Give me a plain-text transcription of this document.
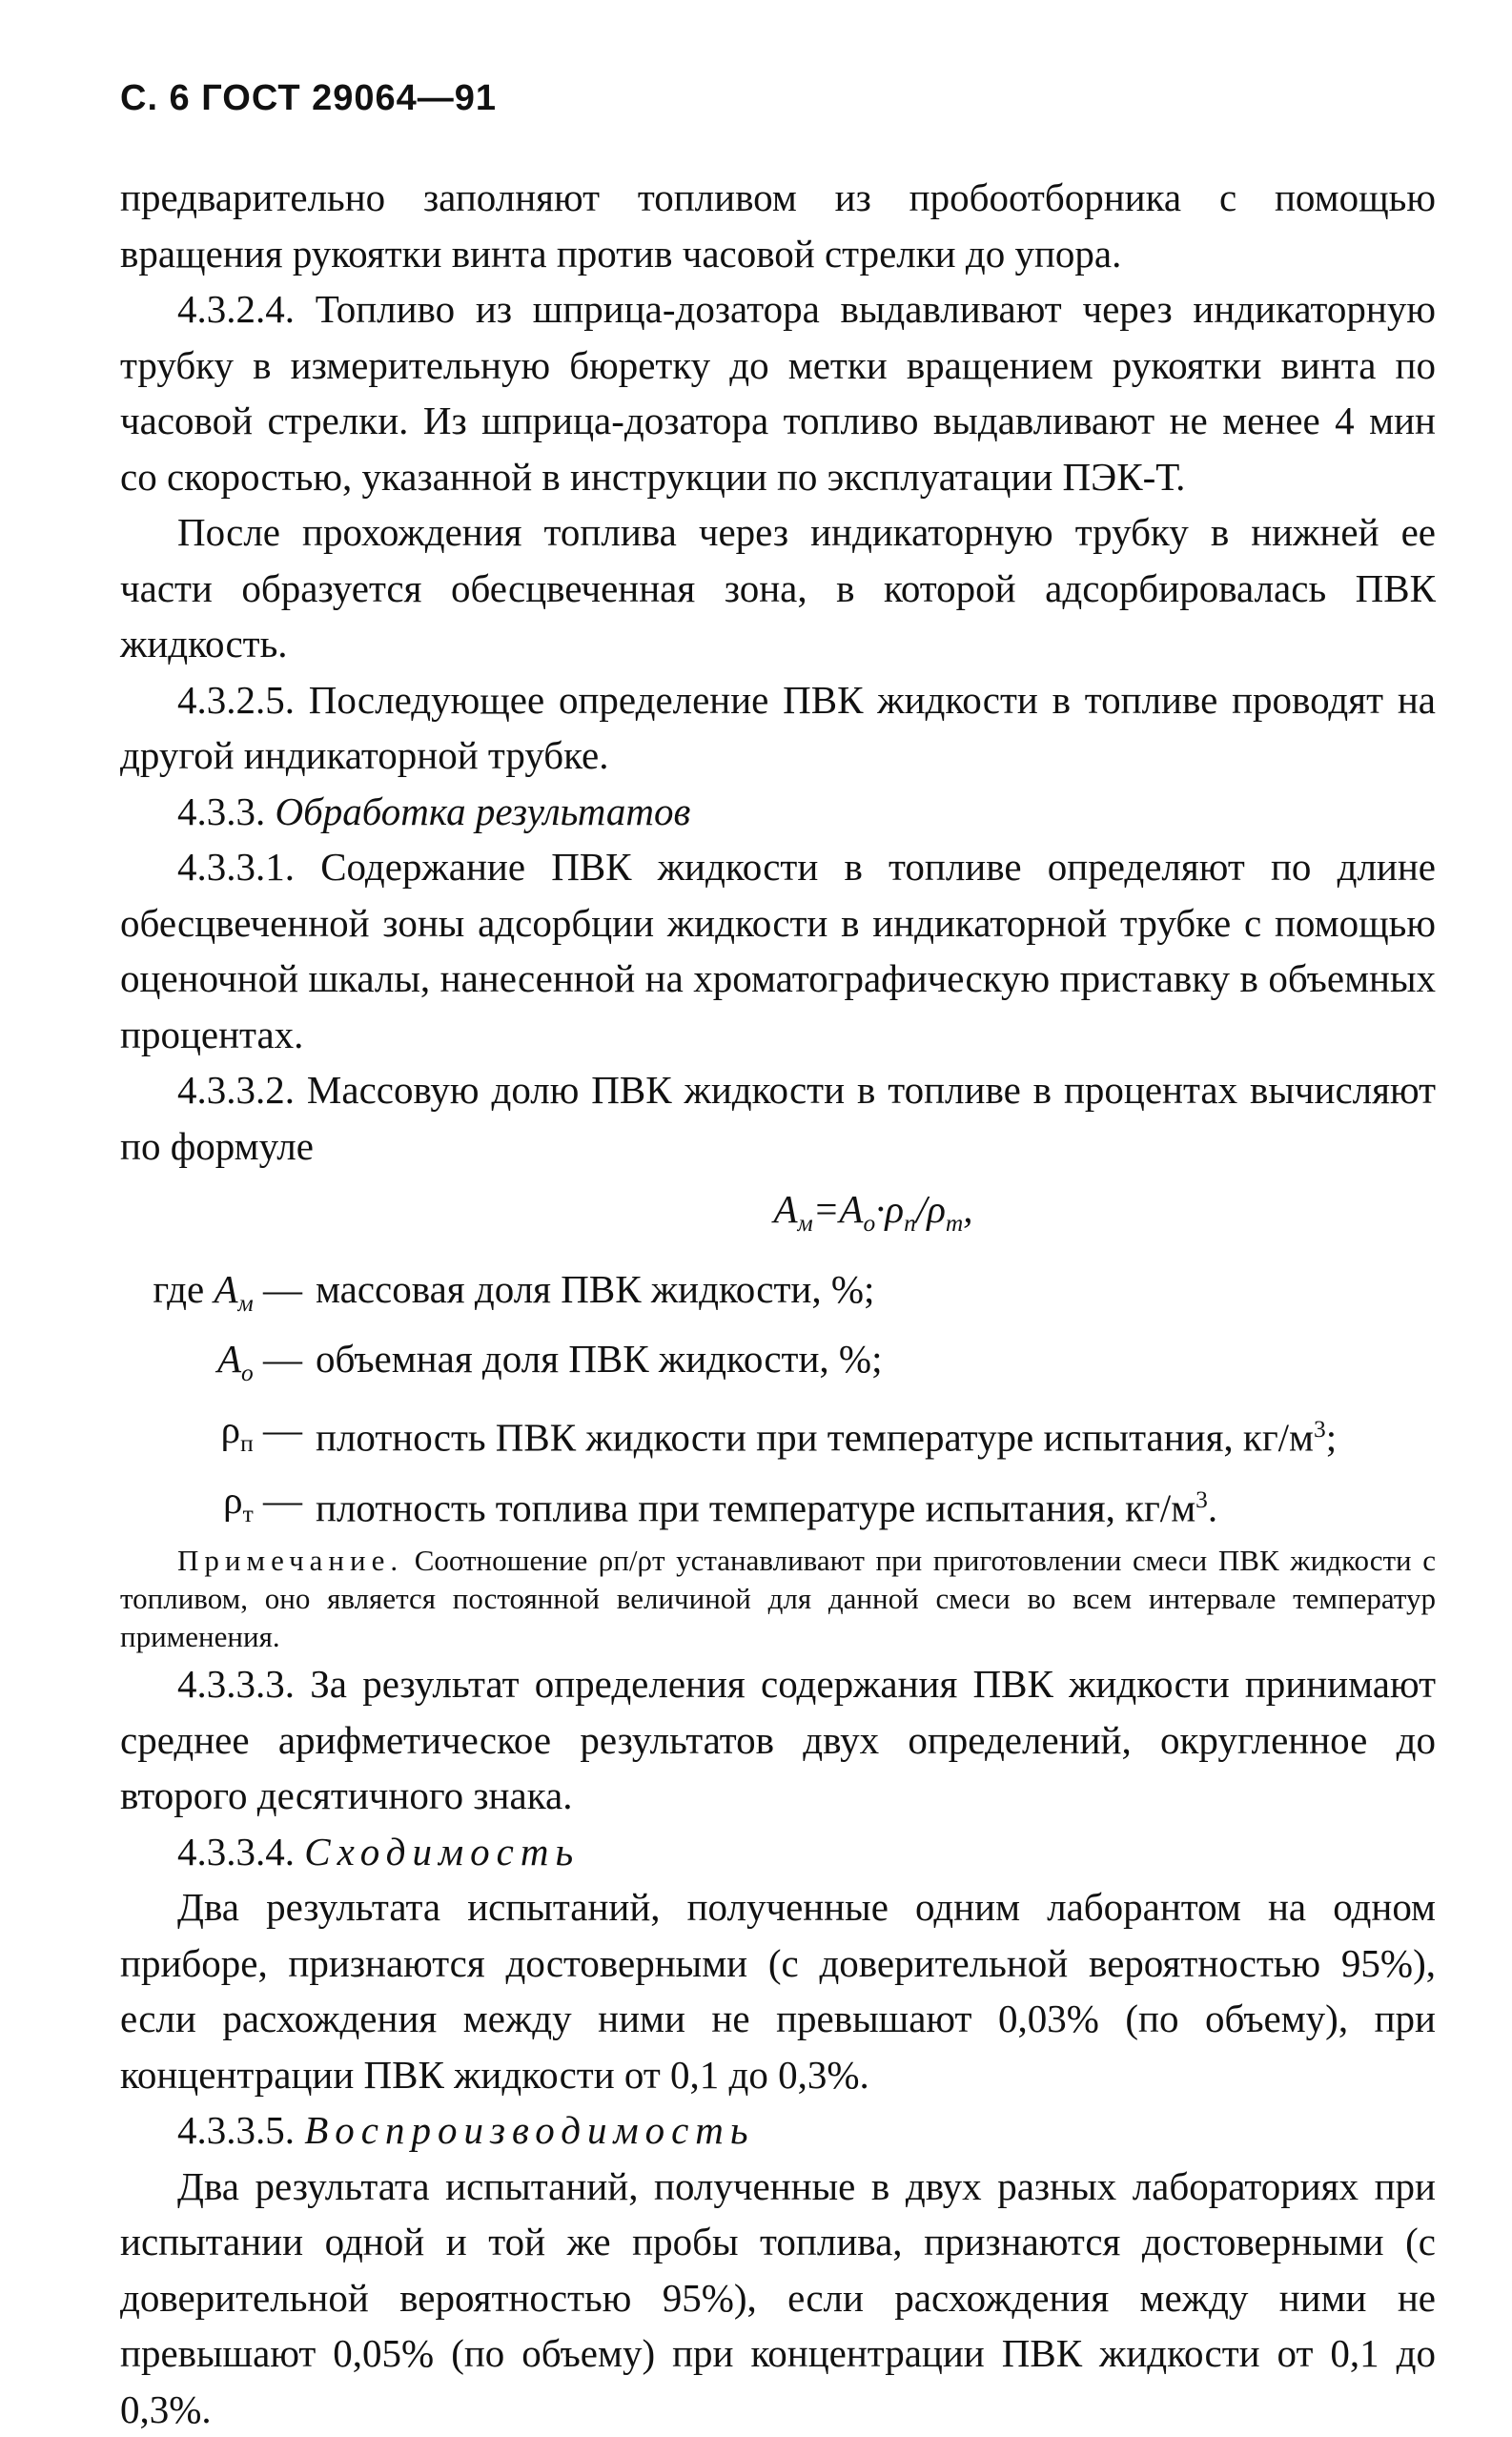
С. 6 ГОСТ 29064—91

предварительно заполняют топливом из пробоотборника с помощью вращения рукоятки винта против часовой стрелки до упора.

4.3.2.4. Топливо из шприца-дозатора выдавливают через индикаторную трубку в измерительную бюретку до метки вращением рукоятки винта по часовой стрелки. Из шприца-дозатора топливо выдавливают не менее 4 мин со скоростью, указанной в инструкции по эксплуатации ПЭК-Т.

После прохождения топлива через индикаторную трубку в нижней ее части образуется обесцвеченная зона, в которой адсорбировалась ПВК жидкость.

4.3.2.5. Последующее определение ПВК жидкости в топливе проводят на другой индикаторной трубке.

4.3.3. Обработка результатов

4.3.3.1. Содержание ПВК жидкости в топливе определяют по длине обесцвеченной зоны адсорбции жидкости в индикаторной трубке с помощью оценочной шкалы, нанесенной на хроматографическую приставку в объемных процентах.

4.3.3.2. Массовую долю ПВК жидкости в топливе в процентах вычисляют по формуле

$A_м=A_о\cdot\rho_п/\rho_т$,
где $A_м$ — массовая доля ПВК жидкости, %;
$A_о$ — объемная доля ПВК жидкости, %;
$\rho_п$ — плотность ПВК жидкости при температуре испытания, $кг/м^3$;
$\rho_т$ — плотность топлива при температуре испытания, $кг/м^3$.

Примечание. Соотношение ρп/ρт устанавливают при приготовлении смеси ПВК жидкости с топливом, оно является постоянной величиной для данной смеси во всем интервале температур применения.

4.3.3.3. За результат определения содержания ПВК жидкости принимают среднее арифметическое результатов двух определений, округленное до второго десятичного знака.

4.3.3.4. Сходимость

Два результата испытаний, полученные одним лаборантом на одном приборе, признаются достоверными (с доверительной вероятностью 95%), если расхождения между ними не превышают 0,03% (по объему), при концентрации ПВК жидкости от 0,1 до 0,3%.

4.3.3.5. Воспроизводимость

Два результата испытаний, полученные в двух разных лабораториях при испытании одной и той же пробы топлива, признаются достоверными (с доверительной вероятностью 95%), если расхождения между ними не превышают 0,05% (по объему) при концентрации ПВК жидкости от 0,1 до 0,3%.
